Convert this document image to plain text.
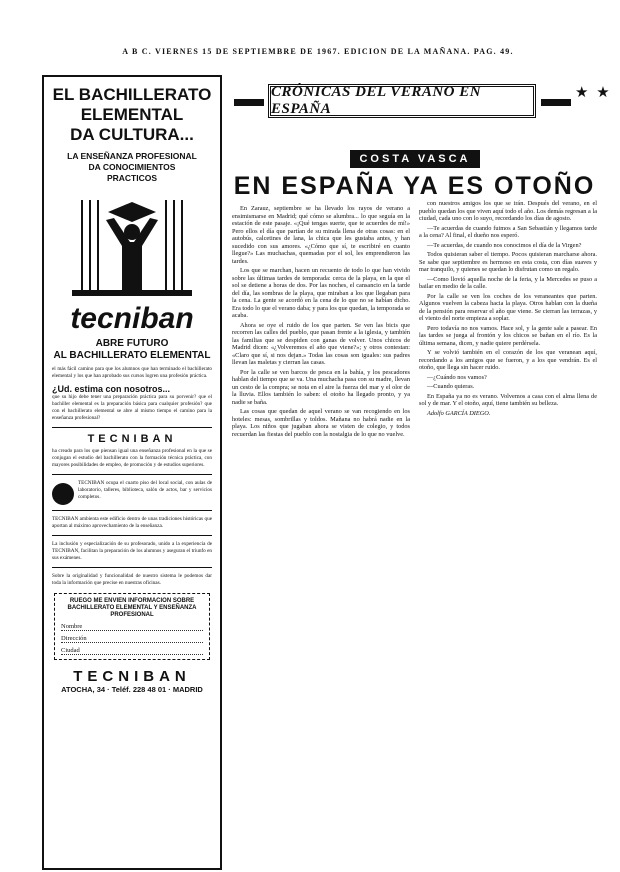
A B C. VIERNES 15 DE SEPTIEMBRE DE 1967. EDICION DE LA MAÑANA. PAG. 49.
EL BACHILLERATO
ELEMENTAL
DA CULTURA...
LA ENSEÑANZA PROFESIONAL
DA CONOCIMIENTOS
PRACTICOS
tecniban
ABRE FUTURO
AL BACHILLERATO ELEMENTAL
el más fácil camino para que los alumnos que han terminado el bachillerato elemental y los que han aprobado sus cursos logren una profesión práctica.
¿Ud. estima con nosotros...
que su hijo debe tener una preparación práctica para su porvenir? que el bachiller elemental es la preparación básica para cualquier profesión? que con el bachillerato elemental se abre al mismo tiempo el camino para la enseñanza profesional?
TECNIBAN
ha creado para los que piensan igual una enseñanza profesional en la que se conjugan el estudio del bachillerato con la formación técnica práctica, con mayores posibilidades de empleo, de promoción y de estudios superiores.
TECNIBAN ocupa el cuarto piso del local social, con aulas de laboratorio, talleres, biblioteca, salón de actos, bar y servicios completos.
TECNIBAN ambienta este edificio dentro de unas tradiciones históricas que aportan al máximo aprovechamiento de la enseñanza.
La inclusión y especialización de su profesorado, unido a la experiencia de TECNIBAN, facilitan la preparación de los alumnos y aseguran el triunfo en sus exámenes.
Sobre la originalidad y funcionalidad de nuestro sistema le podemos dar toda la información que precise en nuestras oficinas.
RUEGO ME ENVIEN INFORMACION SOBRE BACHILLERATO ELEMENTAL Y ENSEÑANZA PROFESIONAL
Nombre
Dirección
Ciudad
TECNIBAN
ATOCHA, 34 · Teléf. 228 48 01 · MADRID
CRÓNICAS DEL VERANO EN ESPAÑA
★ ★
COSTA VASCA
EN ESPAÑA YA ES OTOÑO

En Zarauz, septiembre se ha llevado los rayos de verano a ensimismarse en Madrid; qué cómo se alumbra... lo que seguía en la estación de este pasaje. «¡Qué tengas suerte, que te acuerdes de mí!» Pero ellos el día que partían de su mirada llena de otras cosas: en el autobús, calcetines de lana, la chica que les gustaba antes, y han sucedido con sus amores. «¿Cómo que sí, te escribiré en cuanto llegue?» Las muchachas, quemadas por el sol, les emprendieron las tardes.

Los que se marchan, hacen un recuento de todo lo que han vivido sobre las últimas tardes de temporada: cerca de la playa, en la que el sol se detiene a horas de dos. Por las noches, el cansancio en la tarde del día, las sombras de la playa, que miraban a los que llegaban para la cena. La gente se acordó en la cena de lo que no se habían dicho. Era todo lo que el verano daba; y para los que quedan, la temporada se acaba.

Ahora se oye el ruido de los que parten. Se ven las bicis que recorren las calles del pueblo, que pasan frente a la iglesia, y también las familias que se despiden con ganas de volver. Unos chicos de Madrid dicen: «¿Volveremos el año que viene?»; y otros contestan: «Claro que sí, si nos dejan.» Todas las cosas son iguales: sus padres llevan las maletas y cierran las casas.

Por la calle se ven barcos de pesca en la bahía, y los pescadores hablan del tiempo que se va. Una muchacha pasa con su madre, llevan un cesto de la compra; se nota en el aire la fuerza del mar y el olor de la lluvia. Ellos también lo saben: el otoño ha llegado pronto, y ya nadie se baña.

Las cosas que quedan de aquel verano se van recogiendo en los hoteles: mesas, sombrillas y toldos. Mañana no habrá nadie en la playa. Los niños que jugaban ahora se visten de colegio, y todos recuerdan las fiestas del pueblo con la nostalgia de lo que no vuelve.

con nuestros amigos los que se irán. Después del verano, en el pueblo quedan los que viven aquí todo el año. Los demás regresan a la ciudad, cada uno con lo suyo, recordando los días de agosto.

—Te acuerdas de cuando fuimos a San Sebastián y llegamos tarde a la cena? Al final, el dueño nos esperó.

—Te acuerdas, de cuando nos conocimos el día de la Virgen?

Todos quisieran saber el tiempo. Pocos quisieran marcharse ahora. Se sabe que septiembre es hermoso en esta costa, con días suaves y mar tranquilo, y quienes se quedan lo disfrutan como un regalo.

—Como llovió aquella noche de la feria, y la Mercedes se puso a bailar en medio de la calle.

Por la calle se ven los coches de los veraneantes que parten. Algunos vuelven la cabeza hacia la playa. Otros hablan con la dueña de la pensión para reservar el año que viene. Se cierran las terrazas, y el viento del norte empieza a soplar.

Pero todavía no nos vamos. Hace sol, y la gente sale a pasear. En las tardes se juega al frontón y los chicos se bañan en el río. Es la última semana, dicen, y nadie quiere perdérsela.

Y se volvió también en el corazón de los que veranean aquí, recordando a los amigos que se fueron, y a los que vendrán. Es el otoño, que llega sin hacer ruido.

—¿Cuándo nos vamos?

—Cuando quieras.

En España ya no es verano. Volvemos a casa con el alma llena de sol y de mar. Y el otoño, aquí, tiene también su belleza.

Adolfo GARCÍA DIEGO.
